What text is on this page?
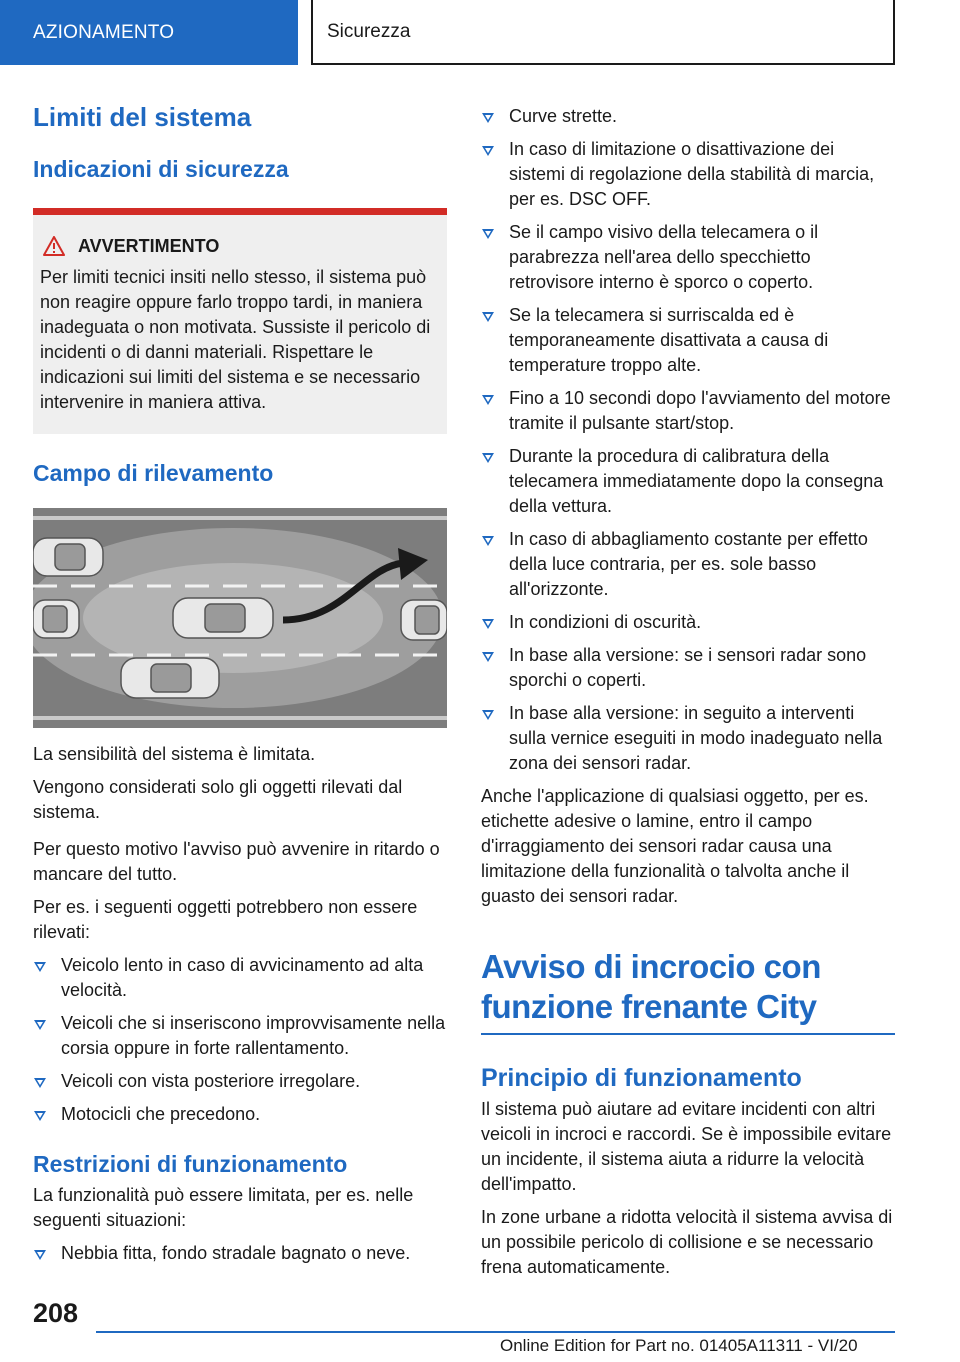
AZIONAMENTO	Sicurezza
Limiti del sistema
Indicazioni di sicurezza
AVVERTIMENTO
Per limiti tecnici insiti nello stesso, il sistema può non reagire oppure farlo troppo tardi, in maniera inadeguata o non motivata. Sussiste il pericolo di incidenti o di danni materiali. Rispettare le indicazioni sui limiti del sistema e se necessario intervenire in maniera attiva.
Campo di rilevamento

La sensibilità del sistema è limitata.

Vengono considerati solo gli oggetti rilevati dal sistema.

Per questo motivo l'avviso può avvenire in ritardo o mancare del tutto.

Per es. i seguenti oggetti potrebbero non essere rilevati:

Veicolo lento in caso di avvicinamento ad alta velocità.
Veicoli che si inseriscono improvvisamente nella corsia oppure in forte rallentamento.
Veicoli con vista posteriore irregolare.
Motocicli che precedono.
Restrizioni di funzionamento

La funzionalità può essere limitata, per es. nelle seguenti situazioni:

Nebbia fitta, fondo stradale bagnato o neve.
Curve strette.
In caso di limitazione o disattivazione dei sistemi di regolazione della stabilità di marcia, per es. DSC OFF.
Se il campo visivo della telecamera o il parabrezza nell'area dello specchietto retrovisore interno è sporco o coperto.
Se la telecamera si surriscalda ed è temporaneamente disattivata a causa di temperature troppo alte.
Fino a 10 secondi dopo l'avviamento del motore tramite il pulsante start/stop.
Durante la procedura di calibratura della telecamera immediatamente dopo la consegna della vettura.
In caso di abbagliamento costante per effetto della luce contraria, per es. sole basso all'orizzonte.
In condizioni di oscurità.
In base alla versione: se i sensori radar sono sporchi o coperti.
In base alla versione: in seguito a interventi sulla vernice eseguiti in modo inadeguato nella zona dei sensori radar.

Anche l'applicazione di qualsiasi oggetto, per es. etichette adesive o lamine, entro il campo d'irraggiamento dei sensori radar causa una limitazione della funzionalità o talvolta anche il guasto dei sensori radar.

Avviso di incrocio con funzione frenante City
Principio di funzionamento

Il sistema può aiutare ad evitare incidenti con altri veicoli in incroci e raccordi. Se è impossibile evitare un incidente, il sistema aiuta a ridurre la velocità dell'impatto.

In zone urbane a ridotta velocità il sistema avvisa di un possibile pericolo di collisione e se necessario frena automaticamente.

208
Online Edition for Part no. 01405A11311 - VI/20
